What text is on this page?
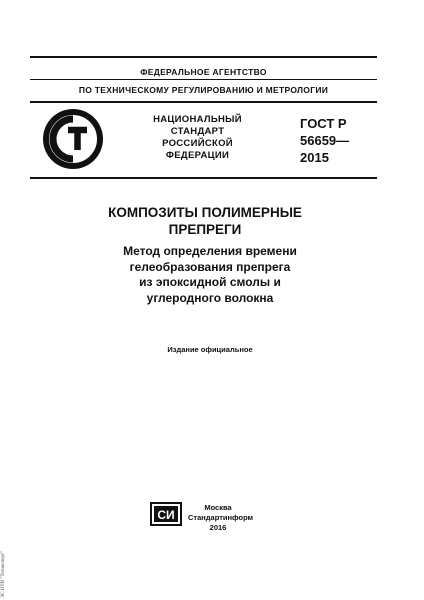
ФЕДЕРАЛЬНОЕ АГЕНТСТВО
ПО ТЕХНИЧЕСКОМУ РЕГУЛИРОВАНИЮ И МЕТРОЛОГИИ
НАЦИОНАЛЬНЫЙ
СТАНДАРТ
РОССИЙСКОЙ
ФЕДЕРАЦИИ
ГОСТ Р
56659—
2015
КОМПОЗИТЫ ПОЛИМЕРНЫЕ
ПРЕПРЕГИ
Метод определения времени
гелеобразования препрега
из эпоксидной смолы и
углеродного волокна
Издание официальное
СИ
Москва
Стандартинформ
2016
ЭС НТИ "Техэксперт"
